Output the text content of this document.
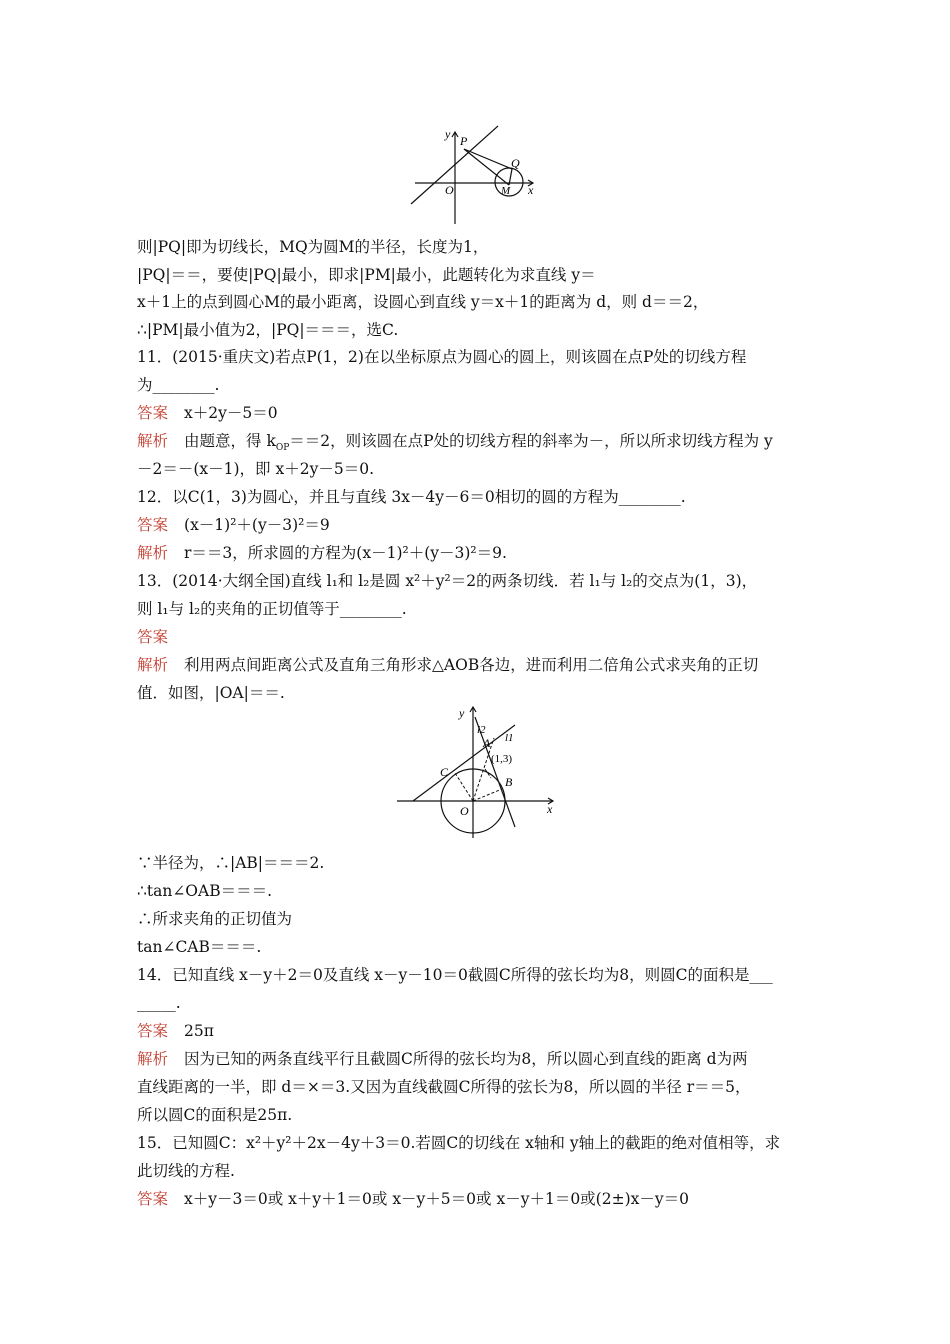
y P
Q
O	M x
则|PQ|即为切线长，MQ为圆M的半径，长度为1，
|PQ|＝＝，要使|PQ|最小，即求|PM|最小，此题转化为求直线 y＝
x＋1上的点到圆心M的最小距离，设圆心到直线 y＝x＋1的距离为 d，则 d＝＝2，
∴|PM|最小值为2，|PQ|＝＝＝，选C.
11．(2015·重庆文)若点P(1，2)在以坐标原点为圆心的圆上，则该圆在点P处的切线方程
为________.
答案 x＋2y－5＝0
解析 由题意，得 $k_{OP}==2$，则该圆在点P处的切线方程的斜率为－，所以所求切线方程为 y
－2＝－(x－1)，即 x＋2y－5＝0.
12．以C(1，3)为圆心，并且与直线 3x－4y－6＝0相切的圆的方程为________.
答案 (x－1)²＋(y－3)²＝9
解析 r＝＝3，所求圆的方程为(x－1)²＋(y－3)²＝9.
13．(2014·大纲全国)直线 l₁和 l₂是圆 x²＋y²＝2的两条切线．若 l₁与 l₂的交点为(1，3)，
则 l₁与 l₂的夹角的正切值等于________.
答案
解析 利用两点间距离公式及直角三角形求△AOB各边，进而利用二倍角公式求夹角的正切
值．如图，|OA|＝＝.
y
l2
l1
A
(1,3)
C
B
O	x
∵半径为，∴|AB|＝＝＝2.
∴tan∠OAB＝＝＝.
∴所求夹角的正切值为
tan∠CAB＝＝＝.
14．已知直线 x－y＋2＝0及直线 x－y－10＝0截圆C所得的弦长均为8，则圆C的面积是___
_____.
答案 25π
解析 因为已知的两条直线平行且截圆C所得的弦长均为8，所以圆心到直线的距离 d为两
直线距离的一半，即 d＝×＝3.又因为直线截圆C所得的弦长为8，所以圆的半径 r＝＝5，
所以圆C的面积是25π.
15．已知圆C：x²＋y²＋2x－4y＋3＝0.若圆C的切线在 x轴和 y轴上的截距的绝对值相等，求
此切线的方程.
答案 x＋y－3＝0或 x＋y＋1＝0或 x－y＋5＝0或 x－y＋1＝0或(2±)x－y＝0
